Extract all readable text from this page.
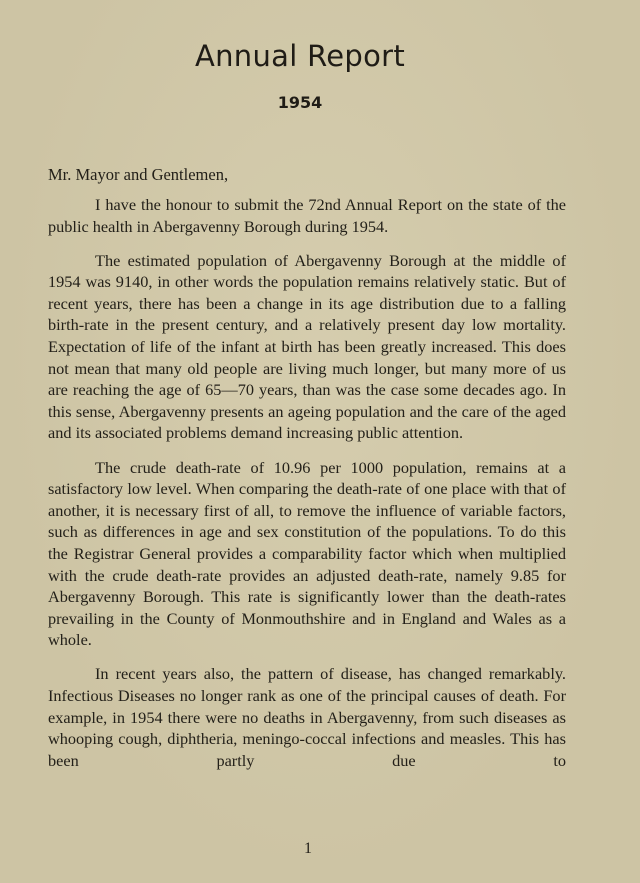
Annual Report
1954
Mr. Mayor and Gentlemen,

I have the honour to submit the 72nd Annual Report on the state of the public health in Abergavenny Borough during 1954.

The estimated population of Abergavenny Borough at the middle of 1954 was 9140, in other words the population remains relatively static. But of recent years, there has been a change in its age distribution due to a falling birth-rate in the present century, and a relatively present day low mortality. Expectation of life of the infant at birth has been greatly increased. This does not mean that many old people are living much longer, but many more of us are reaching the age of 65—70 years, than was the case some decades ago. In this sense, Abergavenny presents an ageing population and the care of the aged and its associated problems demand increasing public attention.

The crude death-rate of 10.96 per 1000 population, remains at a satisfactory low level. When comparing the death-rate of one place with that of another, it is necessary first of all, to remove the influence of variable factors, such as differences in age and sex constitution of the populations. To do this the Registrar General provides a comparability factor which when multiplied with the crude death-rate provides an adjusted death-rate, namely 9.85 for Abergavenny Borough. This rate is significantly lower than the death-rates prevailing in the County of Monmouthshire and in England and Wales as a whole.

In recent years also, the pattern of disease, has changed remarkably. Infectious Diseases no longer rank as one of the principal causes of death. For example, in 1954 there were no deaths in Abergavenny, from such diseases as whooping cough, diphtheria, meningo-coccal infections and measles. This has been partly due to

1
